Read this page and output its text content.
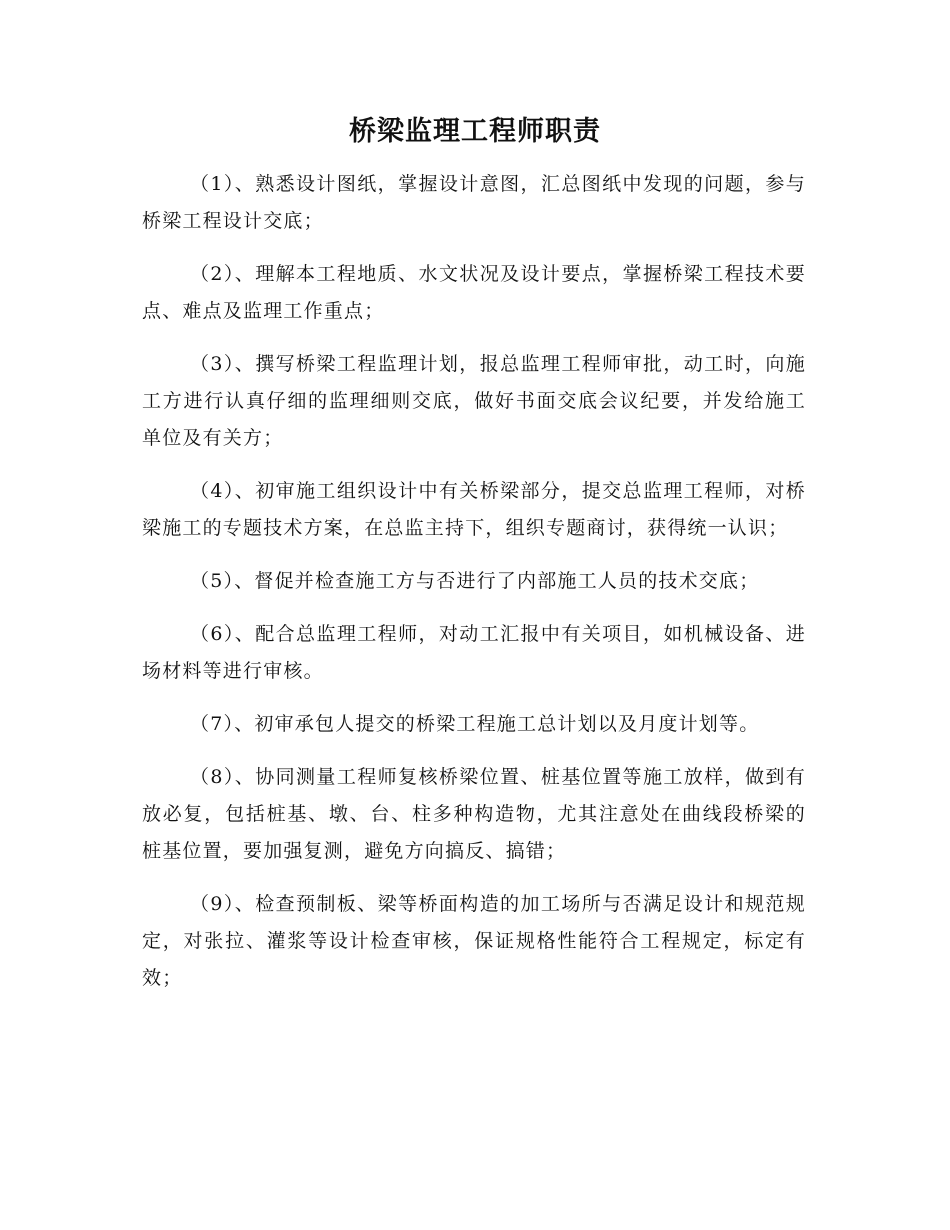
桥梁监理工程师职责

（1）、熟悉设计图纸，掌握设计意图，汇总图纸中发现的问题，参与桥梁工程设计交底；

（2）、理解本工程地质、水文状况及设计要点，掌握桥梁工程技术要点、难点及监理工作重点；

（3）、撰写桥梁工程监理计划，报总监理工程师审批，动工时，向施工方进行认真仔细的监理细则交底，做好书面交底会议纪要，并发给施工单位及有关方；

（4）、初审施工组织设计中有关桥梁部分，提交总监理工程师，对桥梁施工的专题技术方案，在总监主持下，组织专题商讨，获得统一认识；

（5）、督促并检查施工方与否进行了内部施工人员的技术交底；

（6）、配合总监理工程师，对动工汇报中有关项目，如机械设备、进场材料等进行审核。

（7）、初审承包人提交的桥梁工程施工总计划以及月度计划等。

（8）、协同测量工程师复核桥梁位置、桩基位置等施工放样，做到有放必复，包括桩基、墩、台、柱多种构造物，尤其注意处在曲线段桥梁的桩基位置，要加强复测，避免方向搞反、搞错；

（9）、检查预制板、梁等桥面构造的加工场所与否满足设计和规范规定，对张拉、灌浆等设计检查审核，保证规格性能符合工程规定，标定有效；
